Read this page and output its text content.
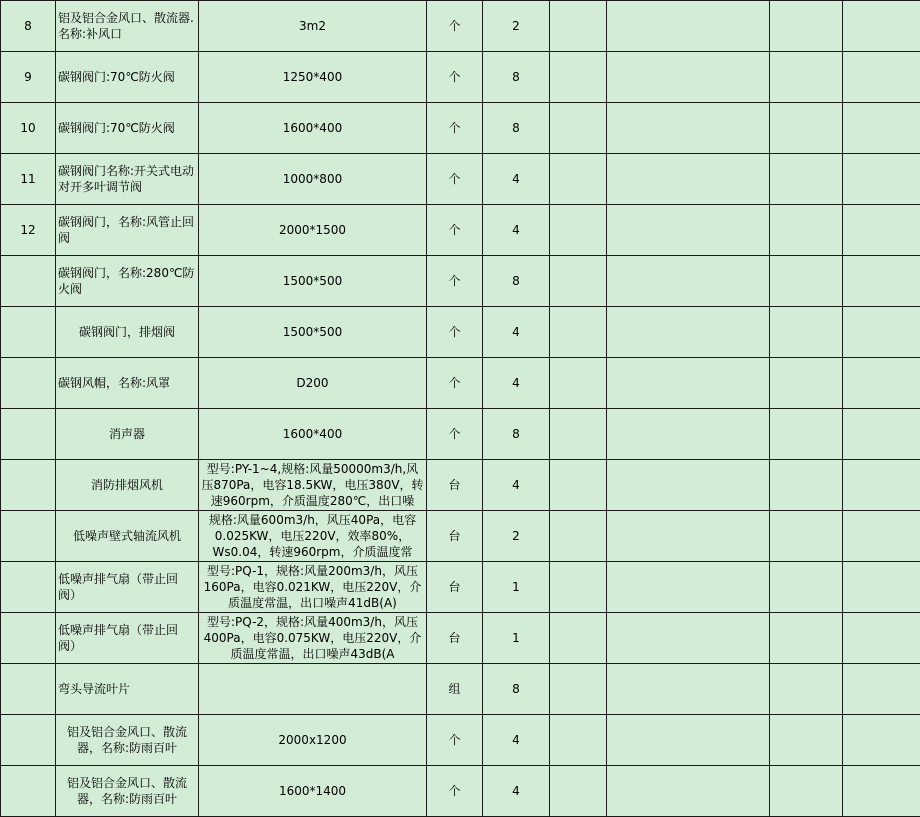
8	铝及铝合金风口、散流器.名称:补风口	3m2	个	2				
9	碳钢阀门:70℃防火阀	1250*400	个	8				
10	碳钢阀门:70℃防火阀	1600*400	个	8				
11	碳钢阀门名称:开关式电动对开多叶调节阀	1000*800	个	4				
12	碳钢阀门，名称:风管止回阀	2000*1500	个	4				
	碳钢阀门，名称:280℃防火阀	1500*500	个	8				
	碳钢阀门，排烟阀	1500*500	个	4				
	碳钢风帽，名称:风罩	D200	个	4				
	消声器	1600*400	个	8				
	消防排烟风机	型号:PY-1~4,规格:风量50000m3/h,风压870Pa，电容18.5KW，电压380V，转速960rpm，介质温度280℃，出口噪	台	4				
	低噪声壁式轴流风机	规格:风量600m3/h，风压40Pa，电容0.025KW，电压220V，效率80%，Ws0.04，转速960rpm，介质温度常	台	2				
	低噪声排气扇（带止回阀）	型号:PQ-1，规格:风量200m3/h，风压160Pa，电容0.021KW，电压220V，介质温度常温，出口噪声41dB(A)	台	1				
	低噪声排气扇（带止回阀）	型号:PQ-2，规格:风量400m3/h，风压400Pa，电容0.075KW，电压220V，介质温度常温，出口噪声43dB(A	台	1				
	弯头导流叶片		组	8				
	铝及铝合金风口、散流器，名称:防雨百叶	2000x1200	个	4				
	铝及铝合金风口、散流器，名称:防雨百叶	1600*1400	个	4				
